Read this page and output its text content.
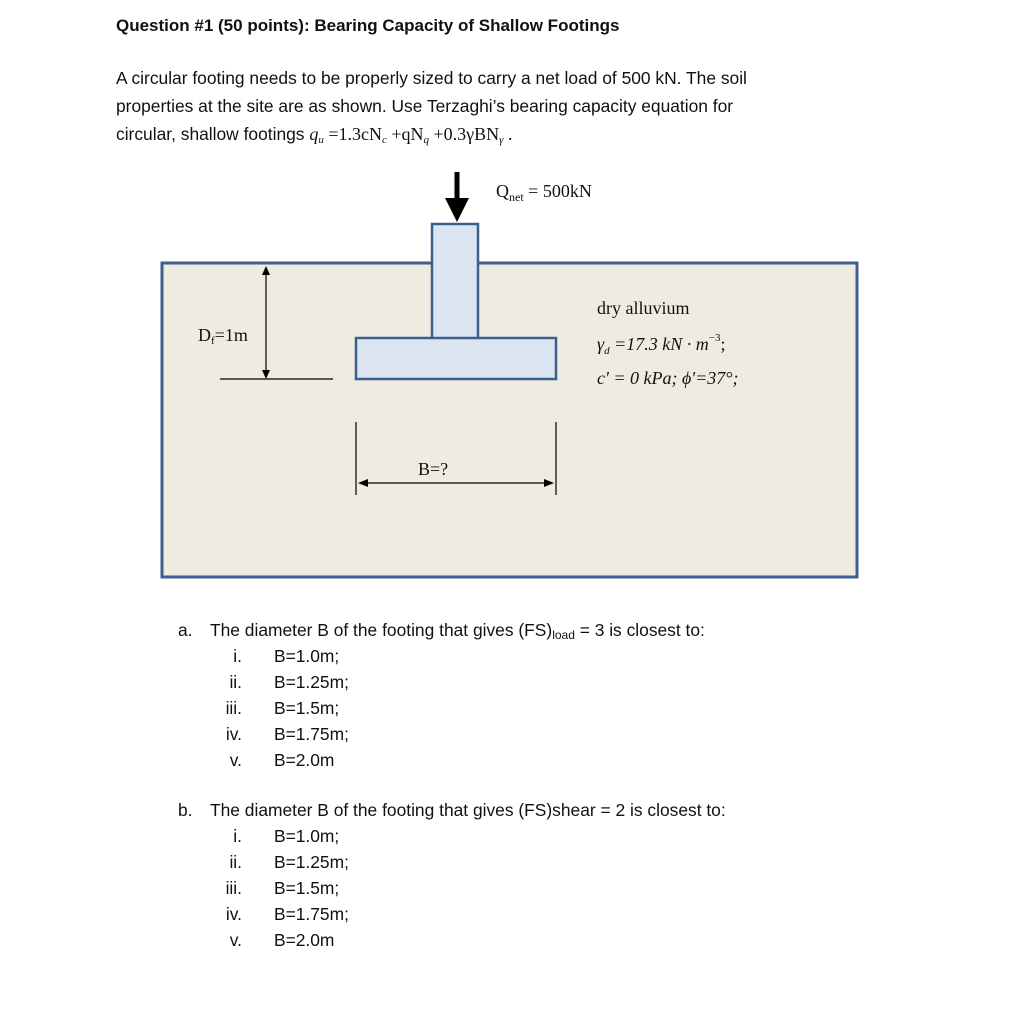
Question #1 (50 points): Bearing Capacity of Shallow Footings
A circular footing needs to be properly sized to carry a net load of 500 kN. The soil
properties at the site are as shown. Use Terzaghi’s bearing capacity equation for
circular, shallow footings $q_u =1.3cN_c +qN_q +0.3\gamma BN_\gamma$ .
$Q_{net} = 500kN$
Df=1m
B=?
dry alluvium
$\gamma_d =17.3$ kN · $m^{-3}$;
c' = 0 kPa; ϕ'=37°;
a. The diameter B of the footing that gives $(FS)_{load} = 3$ is closest to:
i. B=1.0m;
ii. B=1.25m;
iii. B=1.5m;
iv. B=1.75m;
v. B=2.0m
b. The diameter B of the footing that gives (FS)shear = 2 is closest to:
i. B=1.0m;
ii. B=1.25m;
iii. B=1.5m;
iv. B=1.75m;
v. B=2.0m
